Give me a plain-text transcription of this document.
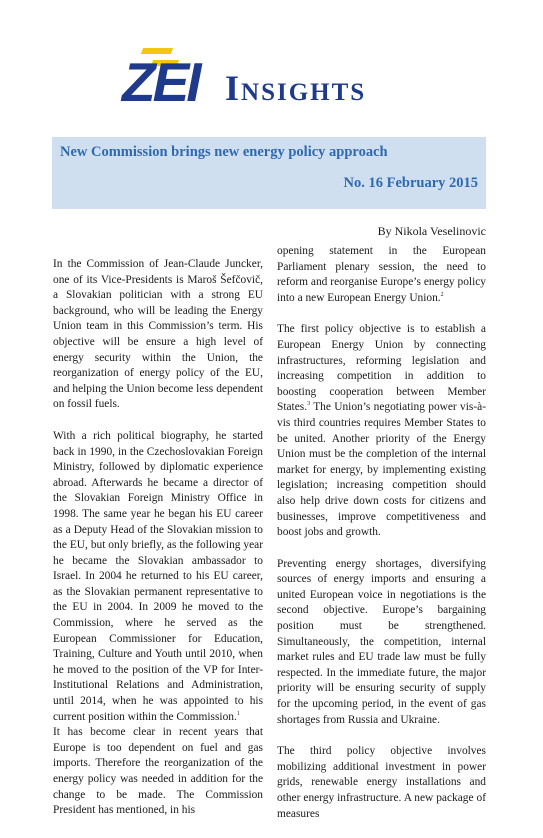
ZEI Insights
New Commission brings new energy policy approach
No. 16 February 2015
By Nikola Veselinovic

In the Commission of Jean-Claude Juncker, one of its Vice-Presidents is Maroš Šefčovič, a Slovakian politician with a strong EU background, who will be leading the Energy Union team in this Commission’s term. His objective will be ensure a high level of energy security within the Union, the reorganization of energy policy of the EU, and helping the Union become less dependent on fossil fuels.

With a rich political biography, he started back in 1990, in the Czechoslovakian Foreign Ministry, followed by diplomatic experience abroad. Afterwards he became a director of the Slovakian Foreign Ministry Office in 1998. The same year he began his EU career as a Deputy Head of the Slovakian mission to the EU, but only briefly, as the following year he became the Slovakian ambassador to Israel. In 2004 he returned to his EU career, as the Slovakian permanent representative to the EU in 2004. In 2009 he moved to the Commission, where he served as the European Commissioner for Education, Training, Culture and Youth until 2010, when he moved to the position of the VP for Inter-Institutional Relations and Administration, until 2014, when he was appointed to his current position within the Commission.$^1$

It has become clear in recent years that Europe is too dependent on fuel and gas imports. Therefore the reorganization of the energy policy was needed in addition for the change to be made. The Commission President has mentioned, in his

opening statement in the European Parliament plenary session, the need to reform and reorganise Europe’s energy policy into a new European Energy Union.$^2$

The first policy objective is to establish a European Energy Union by connecting infrastructures, reforming legislation and increasing competition in addition to boosting cooperation between Member States.$^3$ The Union’s negotiating power vis-à-vis third countries requires Member States to be united. Another priority of the Energy Union must be the completion of the internal market for energy, by implementing existing legislation; increasing competition should also help drive down costs for citizens and businesses, improve competitiveness and boost jobs and growth.

Preventing energy shortages, diversifying sources of energy imports and ensuring a united European voice in negotiations is the second objective. Europe’s bargaining position must be strengthened. Simultaneously, the competition, internal market rules and EU trade law must be fully respected. In the immediate future, the major priority will be ensuring security of supply for the upcoming period, in the event of gas shortages from Russia and Ukraine.

The third policy objective involves mobilizing additional investment in power grids, renewable energy installations and other energy infrastructure. A new package of measures
